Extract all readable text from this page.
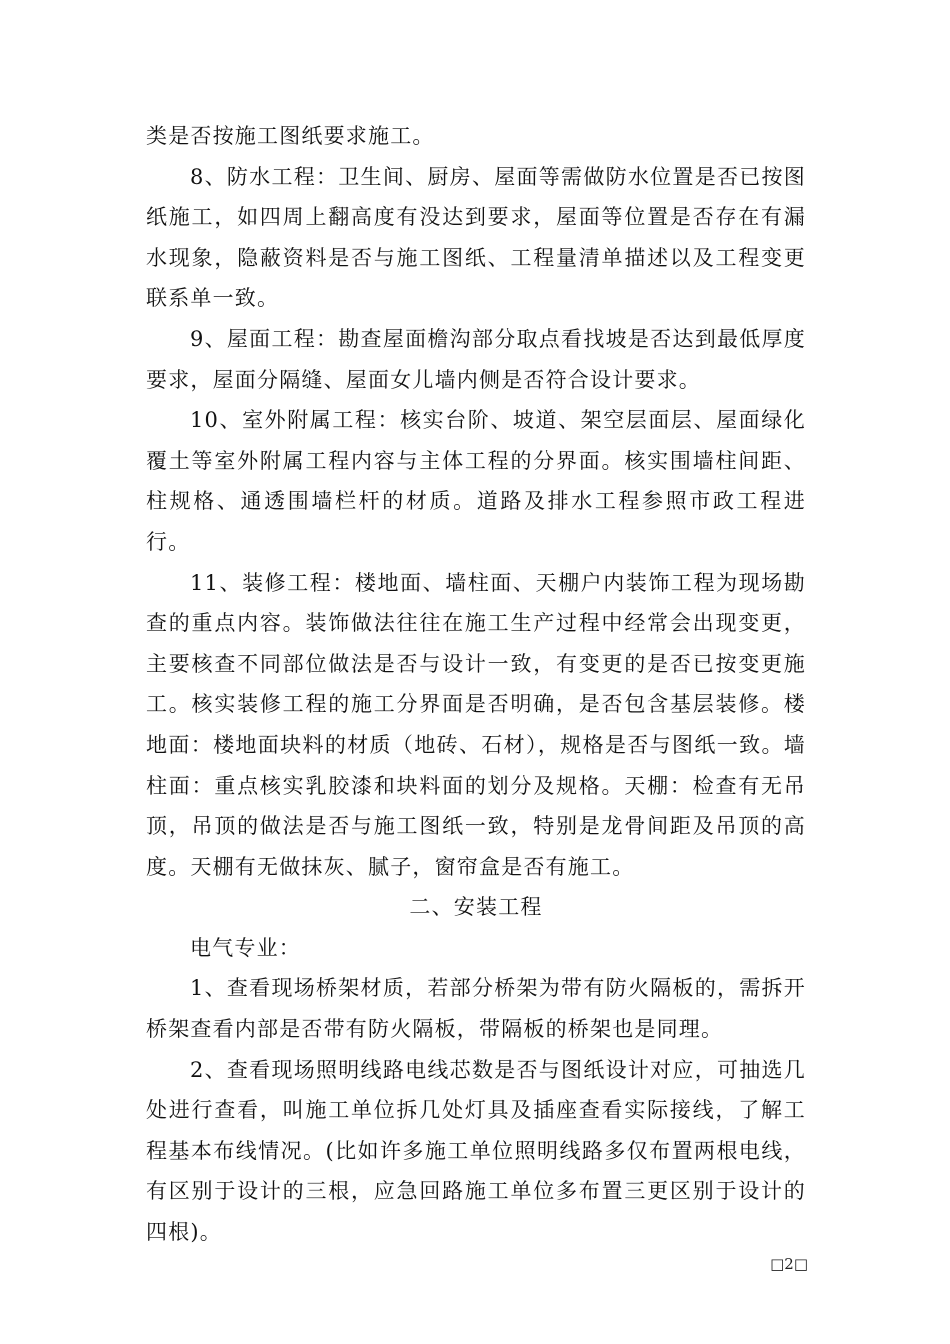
类是否按施工图纸要求施工。

8、防水工程：卫生间、厨房、屋面等需做防水位置是否已按图纸施工，如四周上翻高度有没达到要求，屋面等位置是否存在有漏水现象，隐蔽资料是否与施工图纸、工程量清单描述以及工程变更联系单一致。

9、屋面工程：勘查屋面檐沟部分取点看找坡是否达到最低厚度要求，屋面分隔缝、屋面女儿墙内侧是否符合设计要求。

10、室外附属工程：核实台阶、坡道、架空层面层、屋面绿化覆土等室外附属工程内容与主体工程的分界面。核实围墙柱间距、柱规格、通透围墙栏杆的材质。道路及排水工程参照市政工程进行。

11、装修工程：楼地面、墙柱面、天棚户内装饰工程为现场勘查的重点内容。装饰做法往往在施工生产过程中经常会出现变更，主要核查不同部位做法是否与设计一致，有变更的是否已按变更施工。核实装修工程的施工分界面是否明确，是否包含基层装修。楼地面：楼地面块料的材质（地砖、石材），规格是否与图纸一致。墙柱面：重点核实乳胶漆和块料面的划分及规格。天棚：检查有无吊顶，吊顶的做法是否与施工图纸一致，特别是龙骨间距及吊顶的高度。天棚有无做抹灰、腻子，窗帘盒是否有施工。

二、安装工程

电气专业：

1、查看现场桥架材质，若部分桥架为带有防火隔板的，需拆开桥架查看内部是否带有防火隔板，带隔板的桥架也是同理。

2、查看现场照明线路电线芯数是否与图纸设计对应，可抽选几处进行查看，叫施工单位拆几处灯具及插座查看实际接线，了解工程基本布线情况。(比如许多施工单位照明线路多仅布置两根电线，有区别于设计的三根，应急回路施工单位多布置三更区别于设计的四根)。

□2□
